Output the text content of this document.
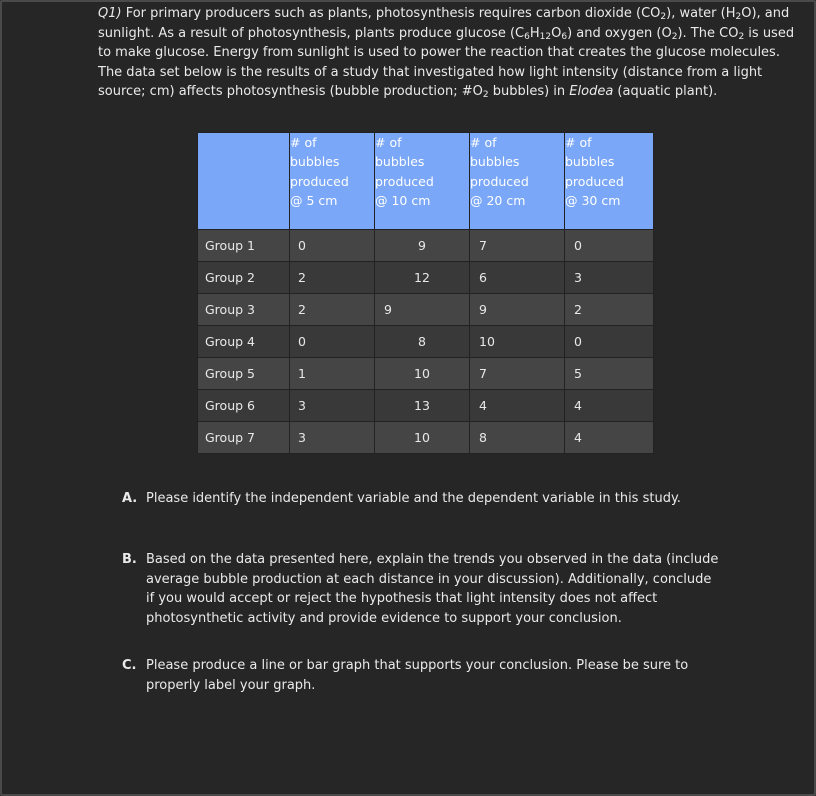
Q1) For primary producers such as plants, photosynthesis requires carbon dioxide $(CO_2)$, water $(H_2O)$, and sunlight. As a result of photosynthesis, plants produce glucose $(C_6H_{12}O_6)$ and oxygen $(O_2)$. The $CO_2$ is used to make glucose. Energy from sunlight is used to power the reaction that creates the glucose molecules. The data set below is the results of a study that investigated how light intensity (distance from a light source; cm) affects photosynthesis (bubble production; $\#O_2$ bubbles) in Elodea (aquatic plant).

	# of
bubbles
produced
@ 5 cm	# of
bubbles
produced
@ 10 cm	# of
bubbles
produced
@ 20 cm	# of
bubbles
produced
@ 30 cm

Group 1	0	9	7	0
Group 2	2	12	6	3
Group 3	2	9	9	2
Group 4	0	8	10	0
Group 5	1	10	7	5
Group 6	3	13	4	4
Group 7	3	10	8	4
A. Please identify the independent variable and the dependent variable in this study.
B. Based on the data presented here, explain the trends you observed in the data (include average bubble production at each distance in your discussion). Additionally, conclude if you would accept or reject the hypothesis that light intensity does not affect photosynthetic activity and provide evidence to support your conclusion.
C. Please produce a line or bar graph that supports your conclusion. Please be sure to properly label your graph.
